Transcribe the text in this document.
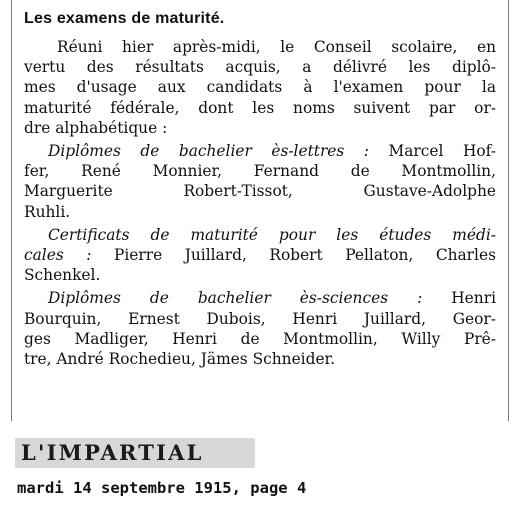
Les examens de maturité.
Réuni hier après-midi, le Conseil scolaire, en
vertu des résultats acquis, a délivré les diplô-
mes d'usage aux candidats à l'examen pour la
maturité fédérale, dont les noms suivent par or-
dre alphabétique :
Diplômes de bachelier ès-lettres : Marcel Hof-
fer, René Monnier, Fernand de Montmollin,
Marguerite Robert-Tissot, Gustave-Adolphe
Ruhli.
Certificats de maturité pour les études médi-
cales : Pierre Juillard, Robert Pellaton, Charles
Schenkel.
Diplômes de bachelier ès-sciences : Henri
Bourquin, Ernest Dubois, Henri Juillard, Geor-
ges Madliger, Henri de Montmollin, Willy Prê-
tre, André Rochedieu, Jämes Schneider.
L'IMPARTIAL
mardi 14 septembre 1915, page 4
